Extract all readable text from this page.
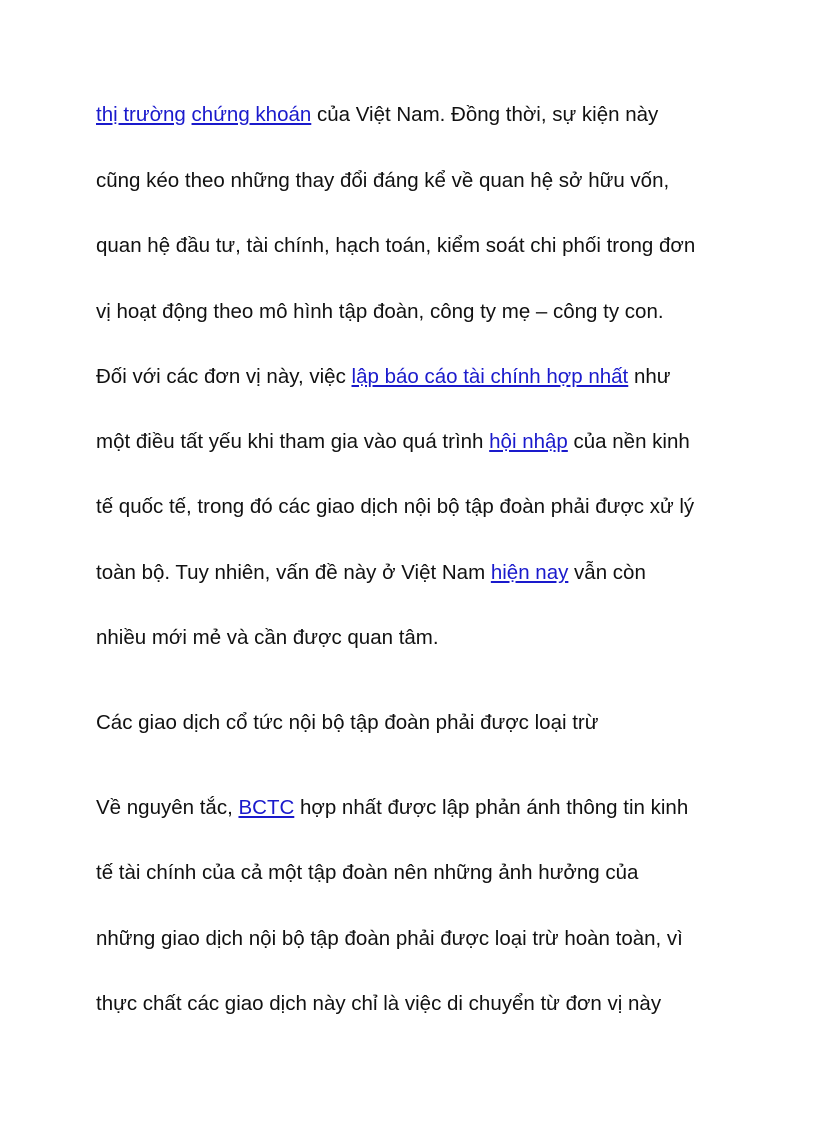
thị trường chứng khoán của Việt Nam. Đồng thời, sự kiện này
cũng kéo theo những thay đổi đáng kể về quan hệ sở hữu vốn,
quan hệ đầu tư, tài chính, hạch toán, kiểm soát chi phối trong đơn
vị hoạt động theo mô hình tập đoàn, công ty mẹ – công ty con.
Đối với các đơn vị này, việc lập báo cáo tài chính hợp nhất như
một điều tất yếu khi tham gia vào quá trình hội nhập của nền kinh
tế quốc tế, trong đó các giao dịch nội bộ tập đoàn phải được xử lý
toàn bộ. Tuy nhiên, vấn đề này ở Việt Nam hiện nay vẫn còn
nhiều mới mẻ và cần được quan tâm.
Các giao dịch cổ tức nội bộ tập đoàn phải được loại trừ
Về nguyên tắc, BCTC hợp nhất được lập phản ánh thông tin kinh
tế tài chính của cả một tập đoàn nên những ảnh hưởng của
những giao dịch nội bộ tập đoàn phải được loại trừ hoàn toàn, vì
thực chất các giao dịch này chỉ là việc di chuyển từ đơn vị này
